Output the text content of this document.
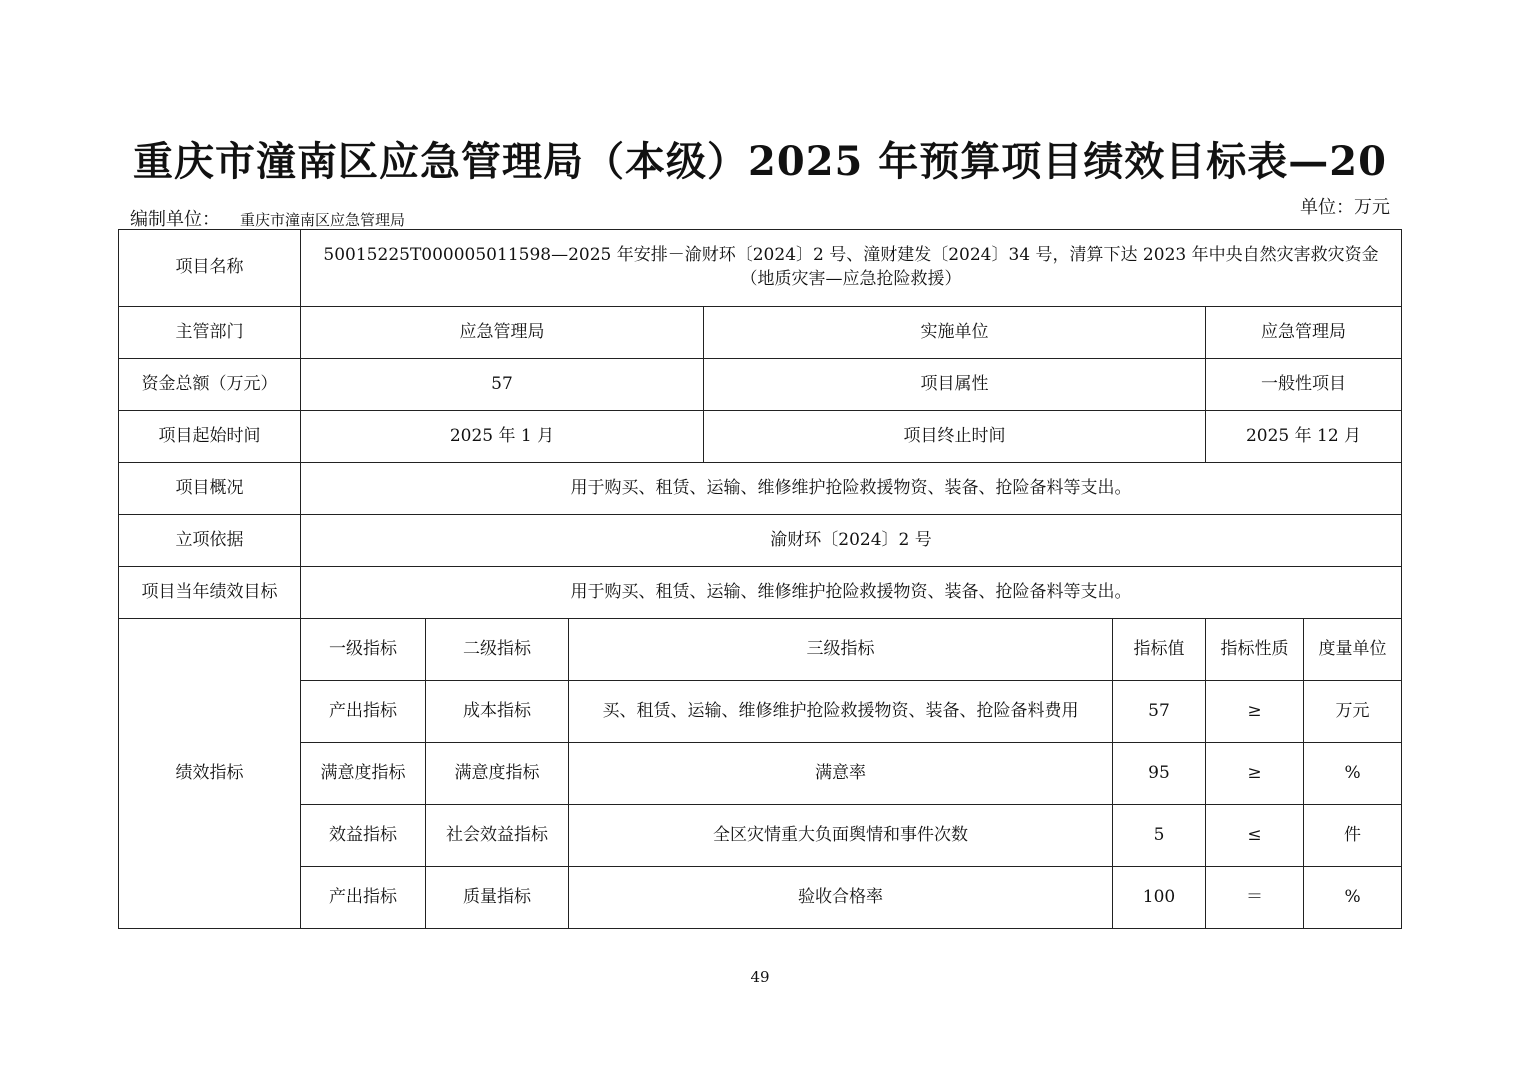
重庆市潼南区应急管理局（本级）2025 年预算项目绩效目标表—20
单位：万元
编制单位： 重庆市潼南区应急管理局
项目名称	50015225T000005011598—2025 年安排－渝财环〔2024〕2 号、潼财建发〔2024〕34 号，清算下达 2023 年中央自然灾害救灾资金
（地质灾害—应急抢险救援）						

主管部门	应急管理局			实施单位		应急管理局	
资金总额（万元）	57			项目属性		一般性项目	
项目起始时间	2025 年 1 月			项目终止时间		2025 年 12 月	
项目概况	用于购买、租赁、运输、维修维护抢险救援物资、装备、抢险备料等支出。						
立项依据	渝财环〔2024〕2 号						
项目当年绩效目标	用于购买、租赁、运输、维修维护抢险救援物资、装备、抢险备料等支出。						
绩效指标	一级指标	二级指标	三级指标		指标值	指标性质	度量单位
	产出指标	成本指标	买、租赁、运输、维修维护抢险救援物资、装备、抢险备料费用		57	≥	万元
	满意度指标	满意度指标	满意率		95	≥	%
	效益指标	社会效益指标	全区灾情重大负面舆情和事件次数		5	≤	件
	产出指标	质量指标	验收合格率		100	＝	%
49
